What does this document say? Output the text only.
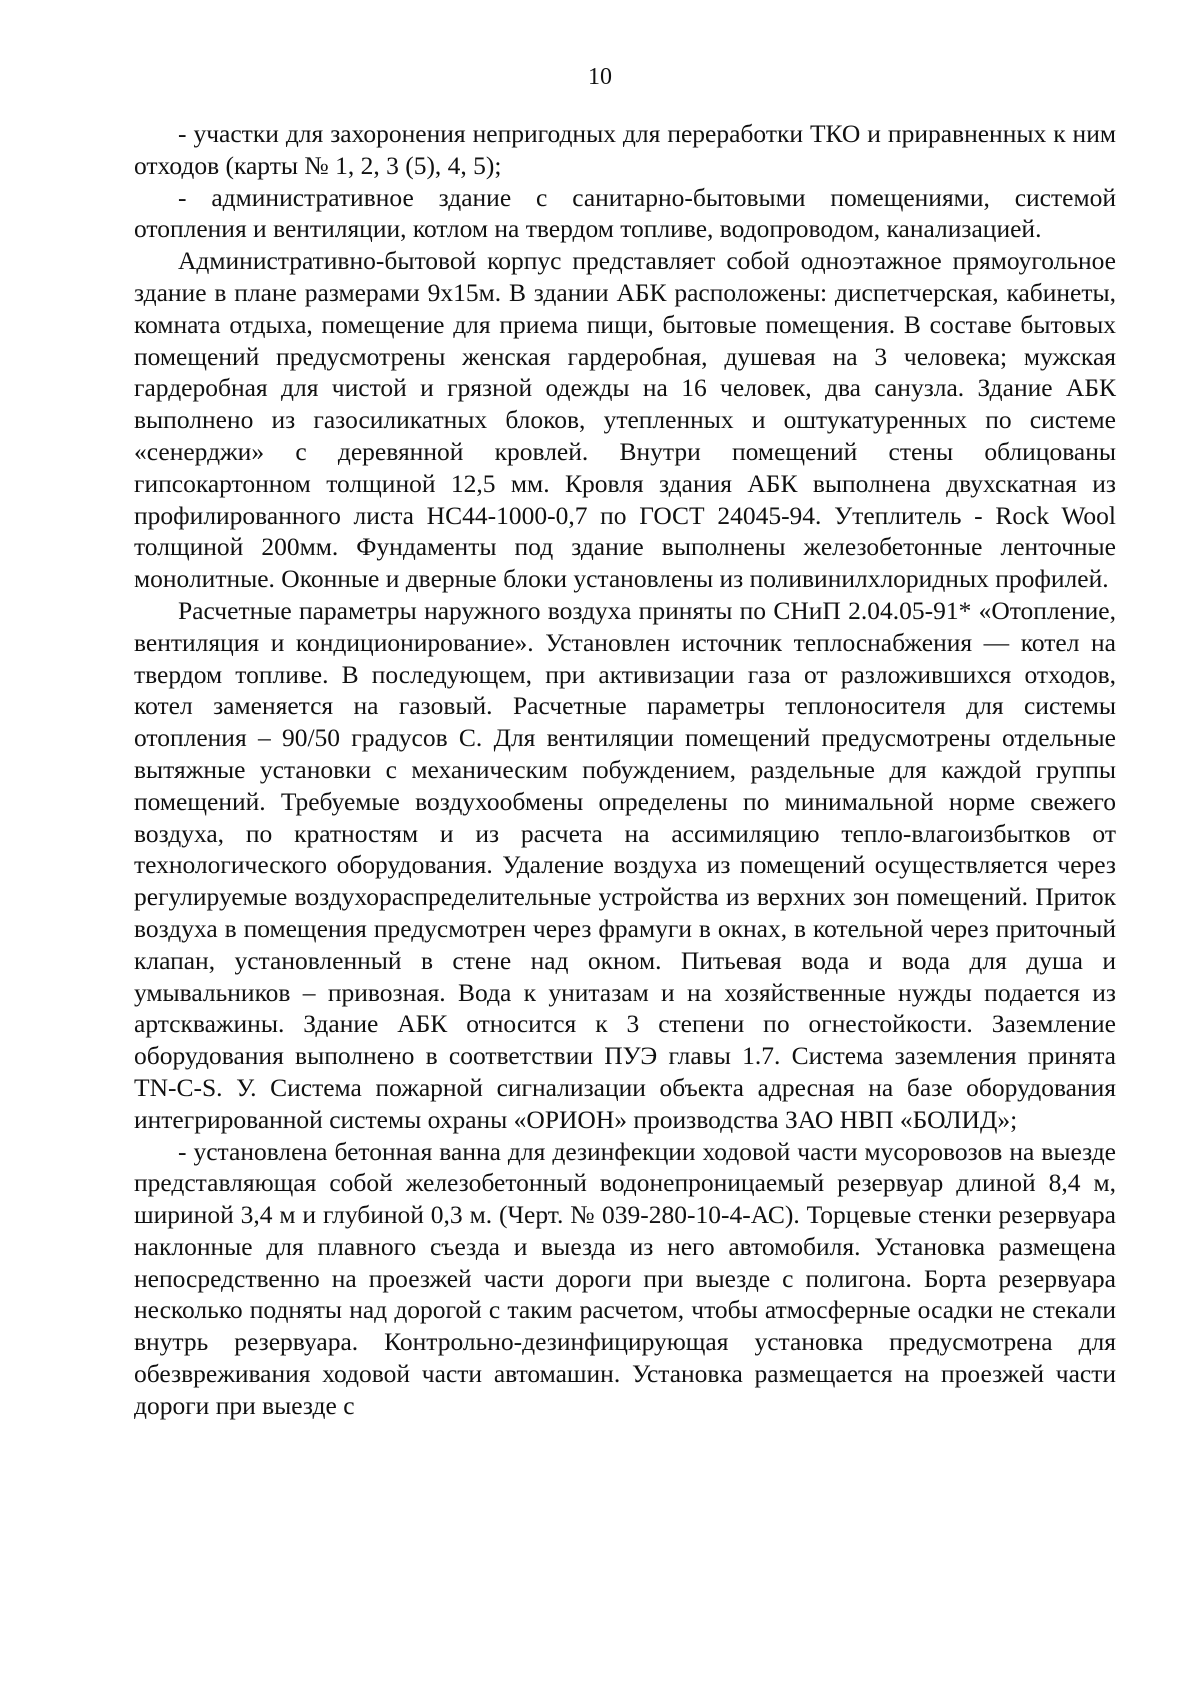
10

- участки для захоронения непригодных для переработки ТКО и приравненных к ним отходов (карты № 1, 2, 3 (5), 4, 5);

- административное здание с санитарно-бытовыми помещениями, системой отопления и вентиляции, котлом на твердом топливе, водопроводом, канализацией.

Административно-бытовой корпус представляет собой одноэтажное прямоугольное здание в плане размерами 9х15м. В здании АБК расположены: диспетчерская, кабинеты, комната отдыха, помещение для приема пищи, бытовые помещения. В составе бытовых помещений предусмотрены женская гардеробная, душевая на 3 человека; мужская гардеробная для чистой и грязной одежды на 16 человек, два санузла. Здание АБК выполнено из газосиликатных блоков, утепленных и оштукатуренных по системе «сенерджи» с деревянной кровлей. Внутри помещений стены облицованы гипсокартонном толщиной 12,5 мм. Кровля здания АБК выполнена двухскатная из профилированного листа НС44-1000-0,7 по ГОСТ 24045-94. Утеплитель - Rock Wool толщиной 200мм. Фундаменты под здание выполнены железобетонные ленточные монолитные. Оконные и дверные блоки установлены из поливинилхлоридных профилей.

Расчетные параметры наружного воздуха приняты по СНиП 2.04.05-91* «Отопление, вентиляция и кондиционирование». Установлен источник теплоснабжения — котел на твердом топливе. В последующем, при активизации газа от разложившихся отходов, котел заменяется на газовый. Расчетные параметры теплоносителя для системы отопления – 90/50 градусов С. Для вентиляции помещений предусмотрены отдельные вытяжные установки с механическим побуждением, раздельные для каждой группы помещений. Требуемые воздухообмены определены по минимальной норме свежего воздуха, по кратностям и из расчета на ассимиляцию тепло-влагоизбытков от технологического оборудования. Удаление воздуха из помещений осуществляется через регулируемые воздухораспределительные устройства из верхних зон помещений. Приток воздуха в помещения предусмотрен через фрамуги в окнах, в котельной через приточный клапан, установленный в стене над окном. Питьевая вода и вода для душа и умывальников – привозная. Вода к унитазам и на хозяйственные нужды подается из артскважины. Здание АБК относится к 3 степени по огнестойкости. Заземление оборудования выполнено в соответствии ПУЭ главы 1.7. Система заземления принята TN-C-S. У. Система пожарной сигнализации объекта адресная на базе оборудования интегрированной системы охраны «ОРИОН» производства ЗАО НВП «БОЛИД»;

- установлена бетонная ванна для дезинфекции ходовой части мусоровозов на выезде представляющая собой железобетонный водонепроницаемый резервуар длиной 8,4 м, шириной 3,4 м и глубиной 0,3 м. (Черт. № 039-280-10-4-АС). Торцевые стенки резервуара наклонные для плавного съезда и выезда из него автомобиля. Установка размещена непосредственно на проезжей части дороги при выезде с полигона. Борта резервуара несколько подняты над дорогой с таким расчетом, чтобы атмосферные осадки не стекали внутрь резервуара. Контрольно-дезинфицирующая установка предусмотрена для обезвреживания ходовой части автомашин. Установка размещается на проезжей части дороги при выезде с
